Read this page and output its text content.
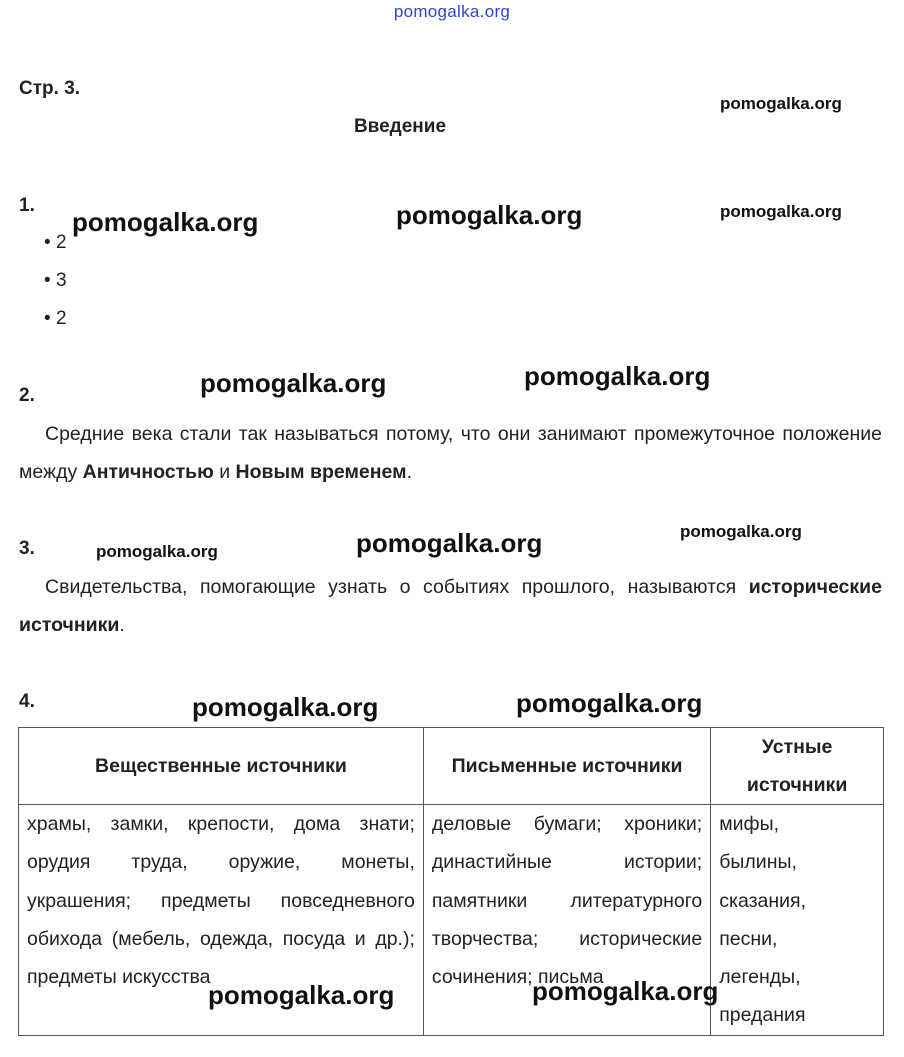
pomogalka.org
Стр. 3.
Введение
1.
• 2
• 3
• 2
2.
Средние века стали так называться потому, что они занимают промежуточное положение между Античностью и Новым временем.
3.
Свидетельства, помогающие узнать о событиях прошлого, называются исторические источники.
4.
Вещественные источники	Письменные источники	Устные источники
храмы, замки, крепости, дома знати; орудия труда, оружие, монеты, украшения; предметы повседневного обихода (мебель, одежда, посуда и др.); предметы искусства	деловые бумаги; хроники; династийные истории; памятники литературного творчества; исторические сочинения; письма	мифы, былины, сказания, песни, легенды, предания
pomogalka.org
pomogalka.org	pomogalka.org	pomogalka.org
pomogalka.org	pomogalka.org
pomogalka.org	pomogalka.org	pomogalka.org
pomogalka.org	pomogalka.org
pomogalka.org	pomogalka.org
